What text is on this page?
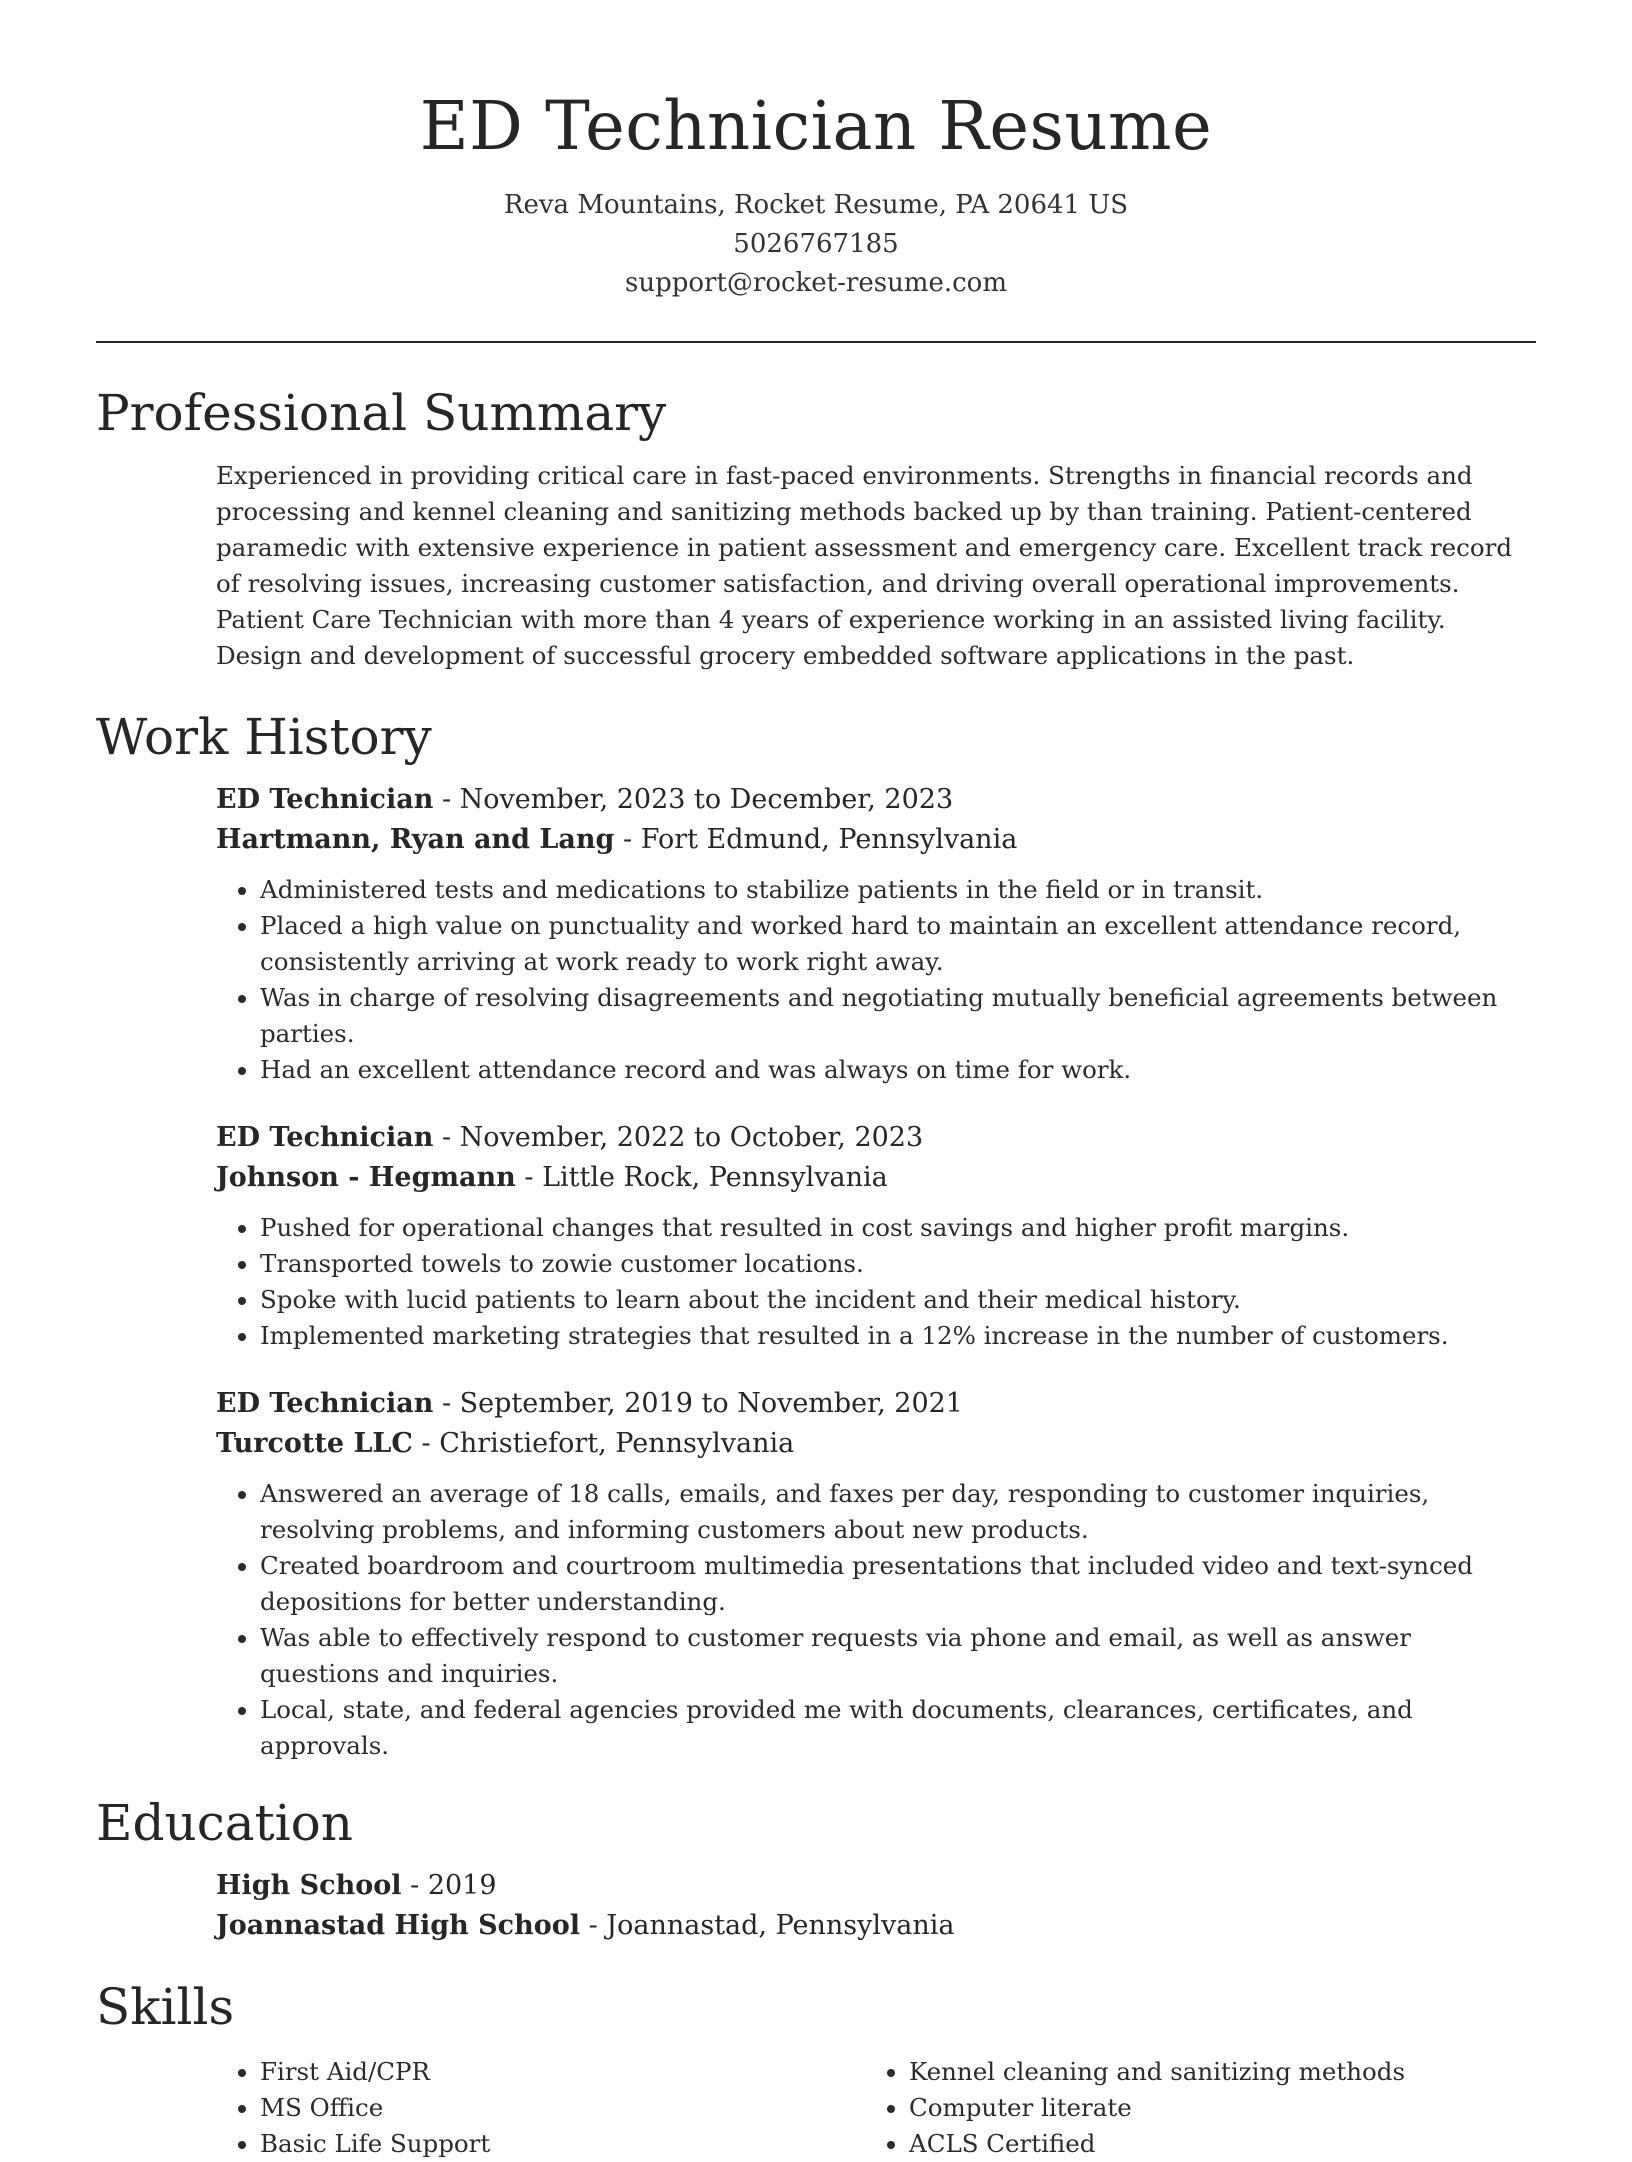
ED Technician Resume
Reva Mountains, Rocket Resume, PA 20641 US
5026767185
support@rocket-resume.com
Professional Summary

Experienced in providing critical care in fast-paced environments. Strengths in financial records and processing and kennel cleaning and sanitizing methods backed up by than training. Patient-centered paramedic with extensive experience in patient assessment and emergency care. Excellent track record of resolving issues, increasing customer satisfaction, and driving overall operational improvements. Patient Care Technician with more than 4 years of experience working in an assisted living facility. Design and development of successful grocery embedded software applications in the past.

Work History
ED Technician - November, 2023 to December, 2023
Hartmann, Ryan and Lang - Fort Edmund, Pennsylvania
• Administered tests and medications to stabilize patients in the field or in transit.
• Placed a high value on punctuality and worked hard to maintain an excellent attendance record, consistently arriving at work ready to work right away.
• Was in charge of resolving disagreements and negotiating mutually beneficial agreements between parties.
• Had an excellent attendance record and was always on time for work.
ED Technician - November, 2022 to October, 2023
Johnson - Hegmann - Little Rock, Pennsylvania
• Pushed for operational changes that resulted in cost savings and higher profit margins.
• Transported towels to zowie customer locations.
• Spoke with lucid patients to learn about the incident and their medical history.
• Implemented marketing strategies that resulted in a 12% increase in the number of customers.
ED Technician - September, 2019 to November, 2021
Turcotte LLC - Christiefort, Pennsylvania
• Answered an average of 18 calls, emails, and faxes per day, responding to customer inquiries, resolving problems, and informing customers about new products.
• Created boardroom and courtroom multimedia presentations that included video and text-synced depositions for better understanding.
• Was able to effectively respond to customer requests via phone and email, as well as answer questions and inquiries.
• Local, state, and federal agencies provided me with documents, clearances, certificates, and approvals.
Education
High School - 2019
Joannastad High School - Joannastad, Pennsylvania
Skills
• First Aid/CPR
• MS Office
• Basic Life Support
• Kennel cleaning and sanitizing methods
• Computer literate
• ACLS Certified
